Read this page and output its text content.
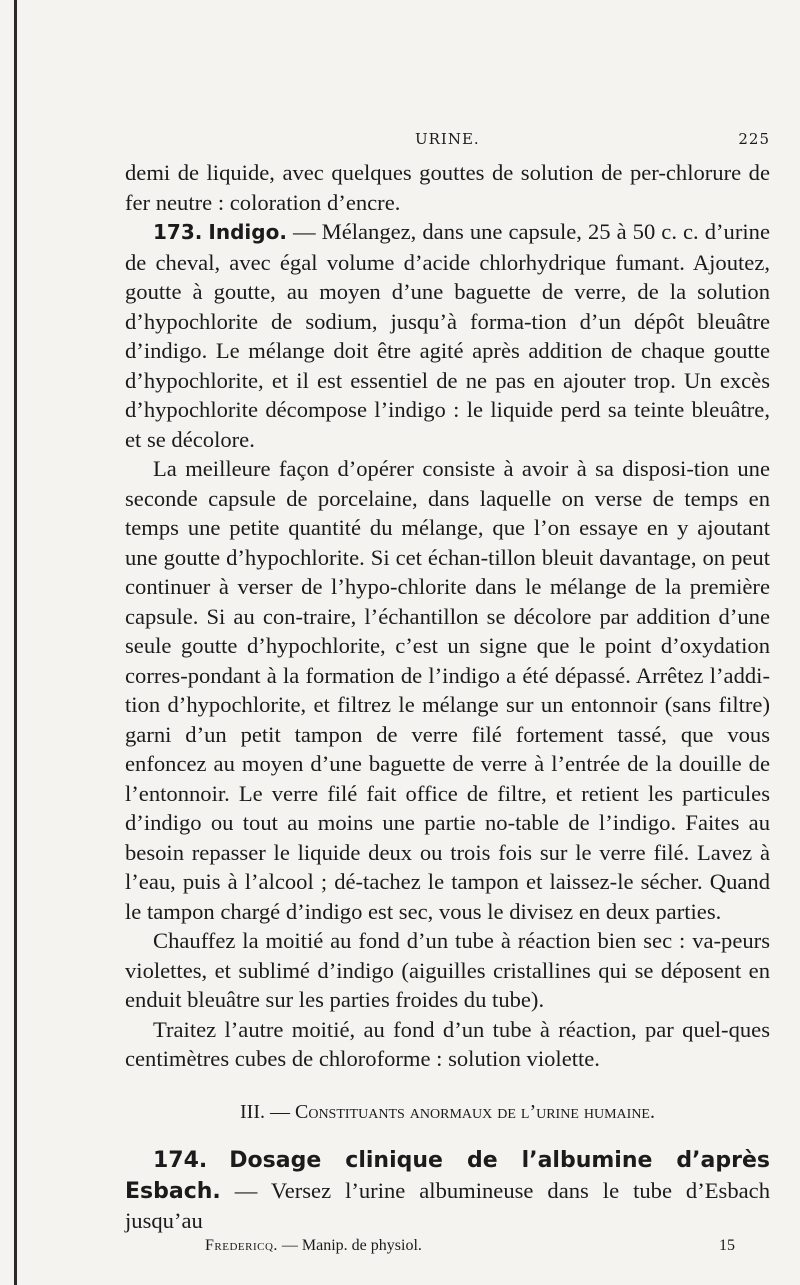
URINE.	225

demi de liquide, avec quelques gouttes de solution de per-chlorure de fer neutre : coloration d’encre.

173. Indigo. — Mélangez, dans une capsule, 25 à 50 c. c. d’urine de cheval, avec égal volume d’acide chlorhydrique fumant. Ajoutez, goutte à goutte, au moyen d’une baguette de verre, de la solution d’hypochlorite de sodium, jusqu’à forma-tion d’un dépôt bleuâtre d’indigo. Le mélange doit être agité après addition de chaque goutte d’hypochlorite, et il est essentiel de ne pas en ajouter trop. Un excès d’hypochlorite décompose l’indigo : le liquide perd sa teinte bleuâtre, et se décolore.

La meilleure façon d’opérer consiste à avoir à sa disposi-tion une seconde capsule de porcelaine, dans laquelle on verse de temps en temps une petite quantité du mélange, que l’on essaye en y ajoutant une goutte d’hypochlorite. Si cet échan-tillon bleuit davantage, on peut continuer à verser de l’hypo-chlorite dans le mélange de la première capsule. Si au con-traire, l’échantillon se décolore par addition d’une seule goutte d’hypochlorite, c’est un signe que le point d’oxydation corres-pondant à la formation de l’indigo a été dépassé. Arrêtez l’addi-tion d’hypochlorite, et filtrez le mélange sur un entonnoir (sans filtre) garni d’un petit tampon de verre filé fortement tassé, que vous enfoncez au moyen d’une baguette de verre à l’entrée de la douille de l’entonnoir. Le verre filé fait office de filtre, et retient les particules d’indigo ou tout au moins une partie no-table de l’indigo. Faites au besoin repasser le liquide deux ou trois fois sur le verre filé. Lavez à l’eau, puis à l’alcool ; dé-tachez le tampon et laissez-le sécher. Quand le tampon chargé d’indigo est sec, vous le divisez en deux parties.

Chauffez la moitié au fond d’un tube à réaction bien sec : va-peurs violettes, et sublimé d’indigo (aiguilles cristallines qui se déposent en enduit bleuâtre sur les parties froides du tube).

Traitez l’autre moitié, au fond d’un tube à réaction, par quel-ques centimètres cubes de chloroforme : solution violette.

III. — Constituants anormaux de l’urine humaine.

174. Dosage clinique de l’albumine d’après Esbach. — Versez l’urine albumineuse dans le tube d’Esbach jusqu’au

Fredericq. — Manip. de physiol.	15
